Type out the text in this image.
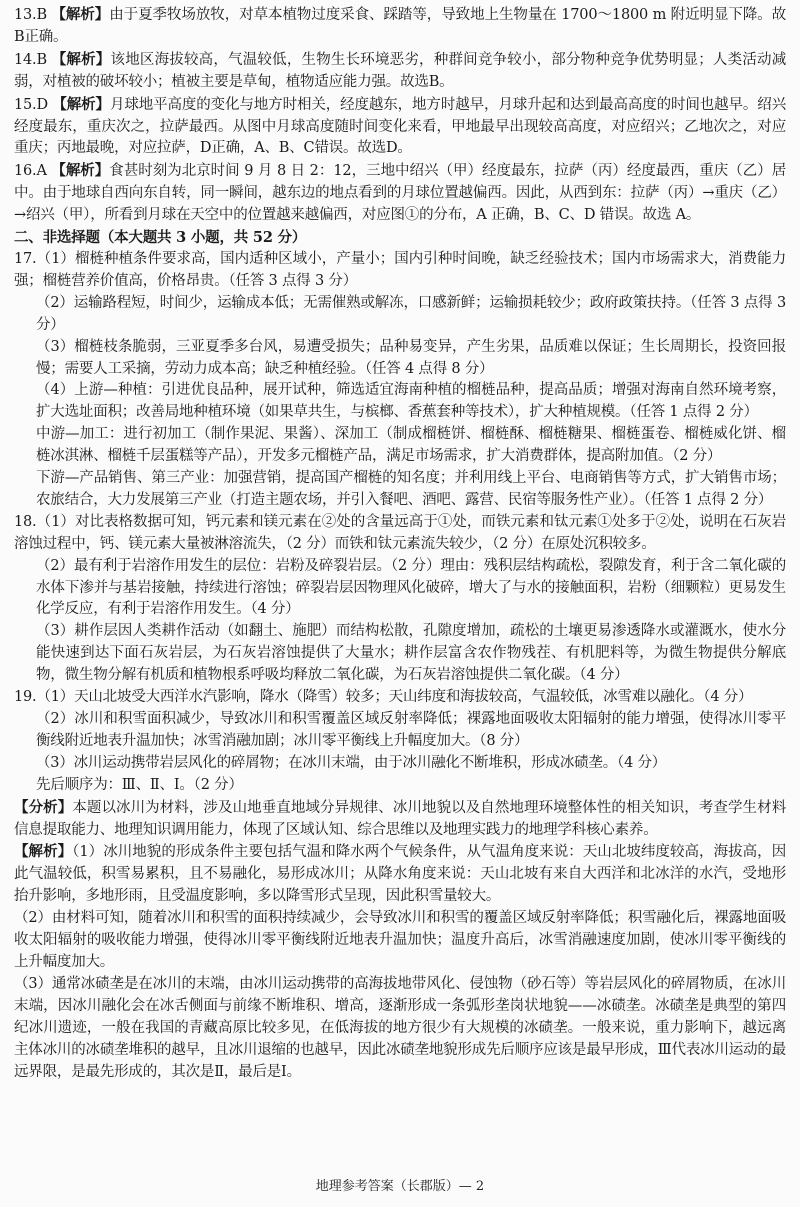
13.B 【解析】由于夏季牧场放牧，对草本植物过度采食、踩踏等，导致地上生物量在 1700～1800 m 附近明显下降。故B正确。

14.B 【解析】该地区海拔较高，气温较低，生物生长环境恶劣，种群间竞争较小，部分物种竞争优势明显；人类活动减弱，对植被的破坏较小；植被主要是草甸，植物适应能力强。故选B。

15.D 【解析】月球地平高度的变化与地方时相关，经度越东，地方时越早，月球升起和达到最高高度的时间也越早。绍兴经度最东，重庆次之，拉萨最西。从图中月球高度随时间变化来看，甲地最早出现较高高度，对应绍兴；乙地次之，对应重庆；丙地最晚，对应拉萨，D正确，A、B、C错误。故选D。

16.A 【解析】食甚时刻为北京时间 9 月 8 日 2：12，三地中绍兴（甲）经度最东，拉萨（丙）经度最西，重庆（乙）居中。由于地球自西向东自转，同一瞬间，越东边的地点看到的月球位置越偏西。因此，从西到东：拉萨（丙）→重庆（乙）→绍兴（甲），所看到月球在天空中的位置越来越偏西，对应图①的分布，A 正确，B、C、D 错误。故选 A。

二、非选择题（本大题共 3 小题，共 52 分）

17.（1）榴梿种植条件要求高，国内适种区域小，产量小；国内引种时间晚，缺乏经验技术；国内市场需求大，消费能力强；榴梿营养价值高，价格昂贵。（任答 3 点得 3 分）

（2）运输路程短，时间少，运输成本低；无需催熟或解冻，口感新鲜；运输损耗较少；政府政策扶持。（任答 3 点得 3 分）

（3）榴梿枝条脆弱，三亚夏季多台风，易遭受损失；品种易变异，产生劣果，品质难以保证；生长周期长，投资回报慢；需要人工采摘，劳动力成本高；缺乏种植经验。（任答 4 点得 8 分）

（4）上游—种植：引进优良品种，展开试种，筛选适宜海南种植的榴梿品种，提高品质；增强对海南自然环境考察，扩大选址面积；改善局地种植环境（如果草共生，与槟榔、香蕉套种等技术），扩大种植规模。（任答 1 点得 2 分）

中游—加工：进行初加工（制作果泥、果酱）、深加工（制成榴梿饼、榴梿酥、榴梿糖果、榴梿蛋卷、榴梿威化饼、榴梿冰淇淋、榴梿千层蛋糕等产品），开发多元榴梿产品，满足市场需求，扩大消费群体，提高附加值。（2 分）

下游—产品销售、第三产业：加强营销，提高国产榴梿的知名度；并利用线上平台、电商销售等方式，扩大销售市场；农旅结合，大力发展第三产业（打造主题农场，并引入餐吧、酒吧、露营、民宿等服务性产业）。（任答 1 点得 2 分）

18.（1）对比表格数据可知，钙元素和镁元素在②处的含量远高于①处，而铁元素和钛元素①处多于②处，说明在石灰岩溶蚀过程中，钙、镁元素大量被淋溶流失，（2 分）而铁和钛元素流失较少，（2 分）在原处沉积较多。

（2）最有利于岩溶作用发生的层位：岩粉及碎裂岩层。（2 分）理由：残积层结构疏松，裂隙发育，利于含二氧化碳的水体下渗并与基岩接触，持续进行溶蚀；碎裂岩层因物理风化破碎，增大了与水的接触面积，岩粉（细颗粒）更易发生化学反应，有利于岩溶作用发生。（4 分）

（3）耕作层因人类耕作活动（如翻土、施肥）而结构松散，孔隙度增加，疏松的土壤更易渗透降水或灌溉水，使水分能快速到达下面石灰岩层，为石灰岩溶蚀提供了大量水；耕作层富含农作物残茬、有机肥料等，为微生物提供分解底物，微生物分解有机质和植物根系呼吸均释放二氧化碳，为石灰岩溶蚀提供二氧化碳。（4 分）

19.（1）天山北坡受大西洋水汽影响，降水（降雪）较多；天山纬度和海拔较高，气温较低，冰雪难以融化。（4 分）

（2）冰川和积雪面积减少，导致冰川和积雪覆盖区域反射率降低；裸露地面吸收太阳辐射的能力增强，使得冰川零平衡线附近地表升温加快；冰雪消融加剧；冰川零平衡线上升幅度加大。（8 分）

（3）冰川运动携带岩层风化的碎屑物；在冰川末端，由于冰川融化不断堆积，形成冰碛垄。（4 分）

先后顺序为：Ⅲ、Ⅱ、Ⅰ。（2 分）

【分析】本题以冰川为材料，涉及山地垂直地域分异规律、冰川地貌以及自然地理环境整体性的相关知识，考查学生材料信息提取能力、地理知识调用能力，体现了区域认知、综合思维以及地理实践力的地理学科核心素养。

【解析】（1）冰川地貌的形成条件主要包括气温和降水两个气候条件，从气温角度来说：天山北坡纬度较高，海拔高，因此气温较低，积雪易累积，且不易融化，易形成冰川；从降水角度来说：天山北坡有来自大西洋和北冰洋的水汽，受地形抬升影响，多地形雨，且受温度影响，多以降雪形式呈现，因此积雪量较大。

（2）由材料可知，随着冰川和积雪的面积持续减少，会导致冰川和积雪的覆盖区域反射率降低；积雪融化后，裸露地面吸收太阳辐射的吸收能力增强，使得冰川零平衡线附近地表升温加快；温度升高后，冰雪消融速度加剧，使冰川零平衡线的上升幅度加大。

（3）通常冰碛垄是在冰川的末端，由冰川运动携带的高海拔地带风化、侵蚀物（砂石等）等岩层风化的碎屑物质，在冰川末端，因冰川融化会在冰舌侧面与前缘不断堆积、增高，逐渐形成一条弧形垄岗状地貌——冰碛垄。冰碛垄是典型的第四纪冰川遗迹，一般在我国的青藏高原比较多见，在低海拔的地方很少有大规模的冰碛垄。一般来说，重力影响下，越远离主体冰川的冰碛垄堆积的越早，且冰川退缩的也越早，因此冰碛垄地貌形成先后顺序应该是最早形成，Ⅲ代表冰川运动的最远界限，是最先形成的，其次是Ⅱ，最后是Ⅰ。

地理参考答案（长郡版）— 2
